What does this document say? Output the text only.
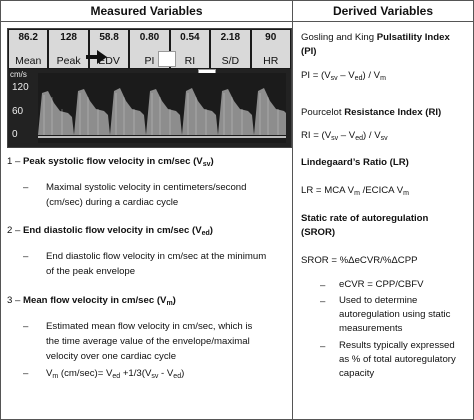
Measured Variables	Derived Variables
86.2
Mean
128
Peak
58.8
EDV
0.80
PI
0.54
RI
2.18
S/D
90
HR
cm/s
120
60
0
1 – Peak systolic flow velocity in cm/sec $(V_{sv})$
– Maximal systolic velocity in centimeters/second
(cm/sec) during a cardiac cycle
2 – End diastolic flow velocity in cm/sec $(V_{ed})$
– End diastolic flow velocity in cm/sec at the minimum
of the peak envelope
3 – Mean flow velocity in cm/sec $(V_m)$
– Estimated mean flow velocity in cm/sec, which is
the time average value of the envelope/maximal
velocity over one cardiac cycle
– $V_m$ $(cm/\sec)= V_{ed} +1/3(V_{sv} - V_{ed})$
Gosling and King Pulsatility Index
(PI)
PI = $(V_{sv} - V_{ed}) / V_m$
Pourcelot Resistance Index (RI)
RI = $(V_{sv} - V_{ed}) / V_{sv}$
Lindegaard’s Ratio (LR)
LR = MCA $V_m$ /ECICA $V_m$
Static rate of autoregulation
(SROR)
SROR = %ΔeCVR/%ΔCPP
– eCVR = CPP/CBFV
– Used to determine
autoregulation using static
measurements
– Results typically expressed
as % of total autoregulatory
capacity
